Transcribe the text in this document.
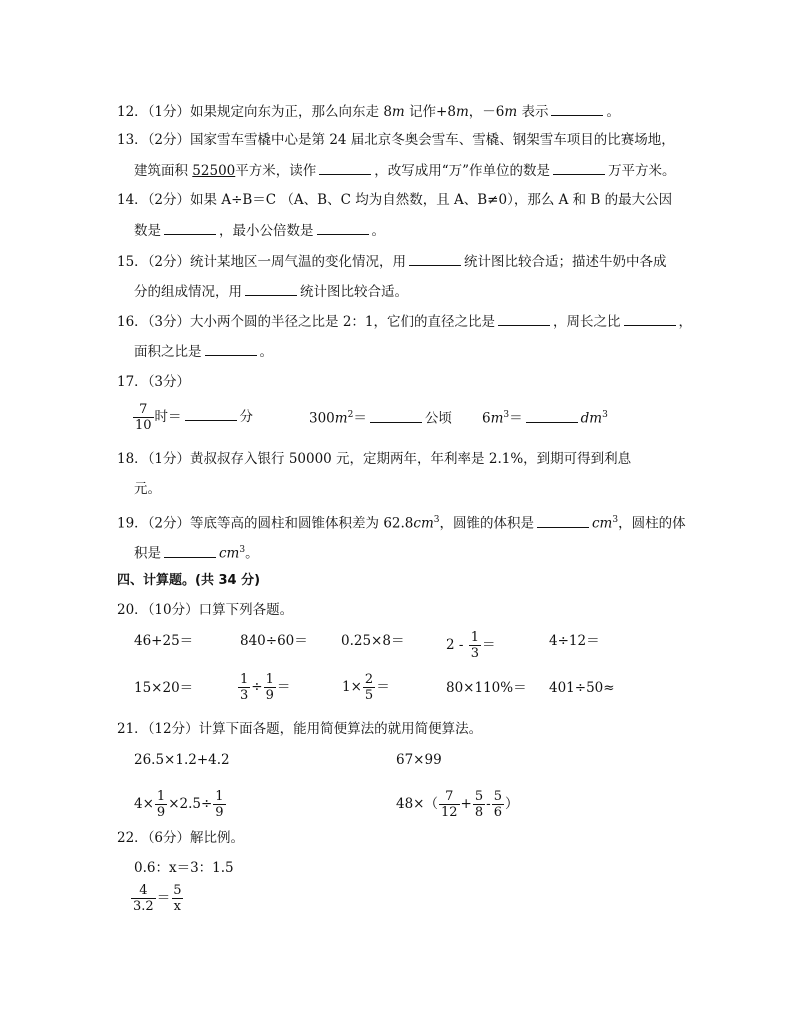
12．（1分）如果规定向东为正，那么向东走 8m 记作+8m，－6m 表示	。
13．（2分）国家雪车雪橇中心是第 24 届北京冬奥会雪车、雪橇、钢架雪车项目的比赛场地，
建筑面积 52500平方米，读作	，改写成用“万”作单位的数是	万平方米。
14．（2分）如果 A÷B＝C （A、B、C 均为自然数，且 A、B≠0），那么 A 和 B 的最大公因
数是	，最小公倍数是	。
15．（2分）统计某地区一周气温的变化情况，用	统计图比较合适；描述牛奶中各成
分的组成情况，用	统计图比较合适。
16．（3分）大小两个圆的半径之比是 2：1，它们的直径之比是	，周长之比	，
面积之比是	。
17．（3分）
$\frac{7}{10}$ 时＝	分	$300m^2=$	公顷 $6m^3=$	$dm^3$
18．（1分）黄叔叔存入银行 50000 元，定期两年，年利率是 2.1%，到期可得到利息
元。
19．（2分）等底等高的圆柱和圆锥体积差为 $62.8cm^3$，圆锥的体积是	$cm^3$，圆柱的体
积是	$cm^3$。
四、计算题。(共 34 分)
20．（10分）口算下列各题。
46+25＝	840÷60＝ 0.25×8＝	$2 - \frac{1}{3}$ ＝	4÷12＝
15×20＝	$\frac{1}{3} \div \frac{1}{9}$ ＝	$1\times \frac{2}{5}$ ＝	80×110%＝ 401÷50≈
21．（12分）计算下面各题，能用简便算法的就用简便算法。
26.5×1.2+4.2	67×99
$4\times \frac{1}{9} \times 2.5\div \frac{1}{9}$	$48\times( \frac{7}{12} + \frac{5}{8} - \frac{5}{6}$ ）
22．（6分）解比例。
0.6：x＝3：1.5
$\frac{4}{3.2} = \frac{5}{x}$
